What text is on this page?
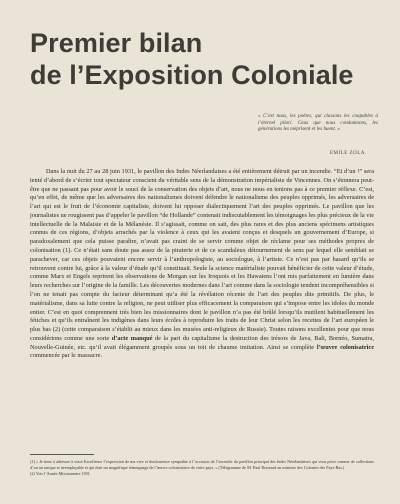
Premier bilan
de l’Exposition Coloniale
« C’est nous, les poètes, qui classons les coupables à l’éternel pilori. Ceux que nous condamnons, les générations les méprisent et les huent. »
EMILE ZOLA.

Dans la nuit du 27 au 28 juin 1931, le pavillon des Indes Néerlandaises a été entièrement détruit par un incendie. “Et d’un !” sera tenté d’abord de s’écrier tout spectateur conscient du véritable sens de la démonstration impérialiste de Vincennes. On s’étonnera peut-être que ne passant pas pour avoir le souci de la conservation des objets d’art, nous ne nous en tenions pas à ce premier réflexe. C’est, qu’en effet, de même que les adversaires des nationalismes doivent défendre le nationalisme des peuples opprimés, les adversaires de l’art qui est le fruit de l’économie capitaliste, doivent lui opposer dialectiquement l’art des peuples opprimés. Le pavillon que les journalistes ne rougissent pas d’appeler le pavillon “de Hollande” contenait indiscutablement les témoignages les plus précieux de la vie intellectuelle de la Malaisie et de la Mélanésie. Il s’agissait, comme on sait, des plus rares et des plus anciens spécimens artistiques connus de ces régions, d’objets arrachés par la violence à ceux qui les avaient conçus et desquels un gouvernement d’Europe, si paradoxalement que cela puisse paraître, n’avait pas craint de se servir comme objet de réclame pour ses méthodes propres de colonisation (1). Ce n’était sans doute pas assez de la piraterie et de ce scandaleux détournement de sens par lequel elle semblait se parachever, car ces objets pouvaient encore servir à l’anthropologiste, au sociologue, à l’artiste. Ce n’est pas par hasard qu’ils se retrouvent contre lui, grâce à la valeur d’étude qu’il constituait. Seule la science matérialiste pouvait bénéficier de cette valeur d’étude, comme Marx et Engels reprirent les observations de Morgan sur les Iroquois et les Hawaiens l’ont mis parfaitement en lumière dans leurs recherches sur l’origine de la famille. Les découvertes modernes dans l’art comme dans la sociologie tendent incompréhensibles si l’on ne tenait pas compte du facteur déterminant qu’a été la révélation récente de l’art des peuples dits primitifs. De plus, le matérialisme, dans sa lutte contre la religion, ne peut utiliser plus efficacement la comparaison qui s’impose entre les idoles du monde entier. C’est en quoi comprennent très bien les missionnaires dont le pavillon n’a pas été brûlé lorsqu’ils mutilent habituellement les fétiches et qu’ils entraînent les indigènes dans leurs écoles à reproduire les traits de leur Christ selon les recettes de l’art européen le plus bas (2) (cette comparaison s’établit au mieux dans les musées anti-religieux de Russie). Toutes raisons excellentes pour que nous considérions comme une sorte d’acte manqué de la part du capitalisme la destruction des trésors de Java, Bali, Bornéo, Sumatra, Nouvelle-Guinée, etc. qu’il avait élégamment groupés sous un toit de chaume imitation. Ainsi se complète l’œuvre colonisatrice commencée par le massacre.

(1) « Je tiens à adresser à votre Excellence l’expression de ma vive et douloureuse sympathie à l’occasion de l’incendie du pavillon principal des Indes Néerlandaises qui vous prive comme de collections d’un art unique et irremplaçable et qui était un magnifique témoignage de l’œuvre colonisatrice de votre pays. » (Télégramme de M. Paul Reynaud au ministre des Colonies des Pays-Bas.)

(2) Voir l’Année Missionnaire 1931.
